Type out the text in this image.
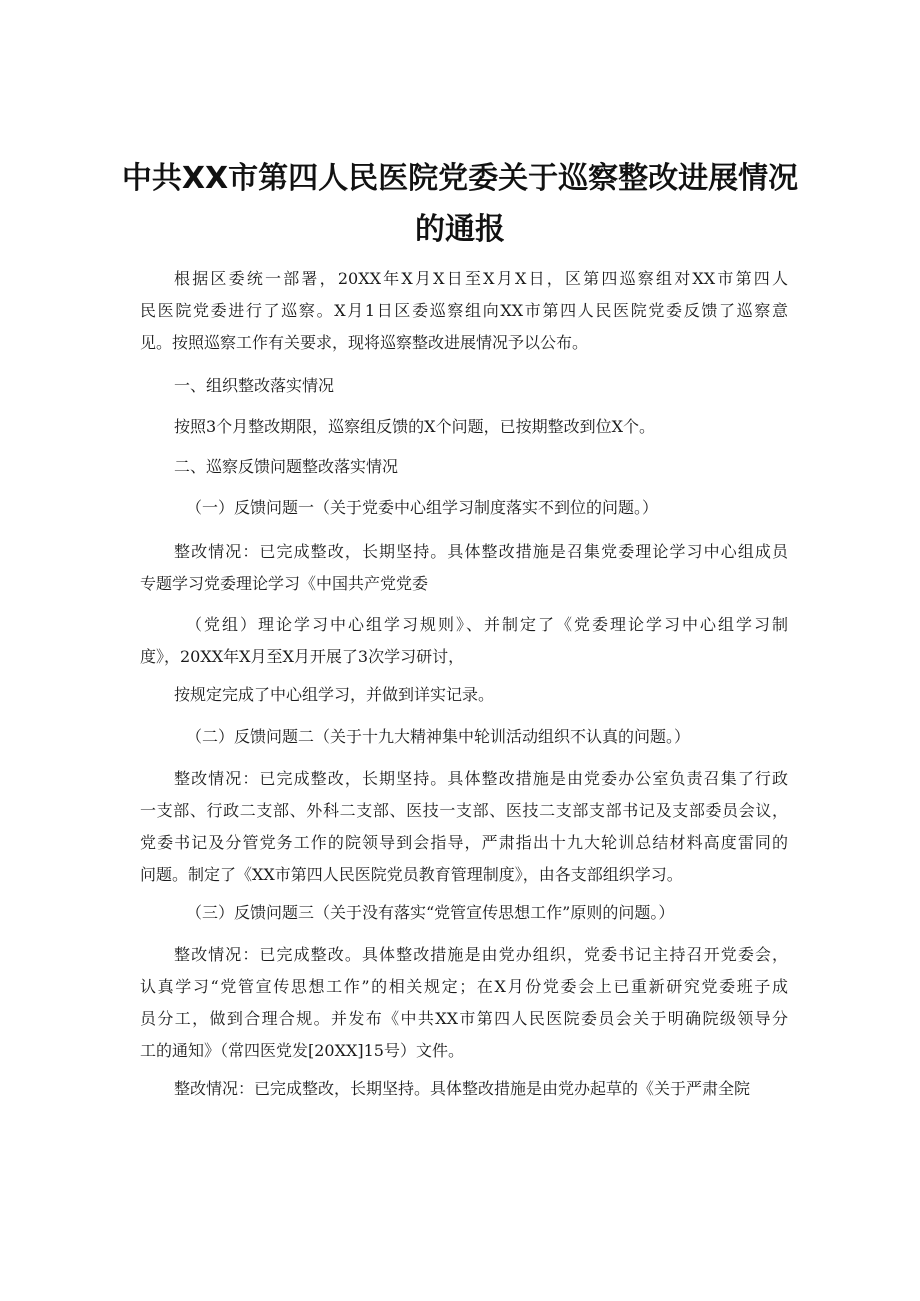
中共XX市第四人民医院党委关于巡察整改进展情况
的通报
根据区委统一部署，20XX年X月X日至X月X日，区第四巡察组对XX市第四人
民医院党委进行了巡察。X月1日区委巡察组向XX市第四人民医院党委反馈了巡察意
见。按照巡察工作有关要求，现将巡察整改进展情况予以公布。
一、组织整改落实情况
按照3个月整改期限，巡察组反馈的X个问题，已按期整改到位X个。
二、巡察反馈问题整改落实情况
（一）反馈问题一（关于党委中心组学习制度落实不到位的问题。）
整改情况：已完成整改，长期坚持。具体整改措施是召集党委理论学习中心组成员
专题学习党委理论学习《中国共产党党委
（党组）理论学习中心组学习规则》、并制定了《党委理论学习中心组学习制
度》，20XX年X月至X月开展了3次学习研讨，
按规定完成了中心组学习，并做到详实记录。
（二）反馈问题二（关于十九大精神集中轮训活动组织不认真的问题。）
整改情况：已完成整改，长期坚持。具体整改措施是由党委办公室负责召集了行政
一支部、行政二支部、外科二支部、医技一支部、医技二支部支部书记及支部委员会议，
党委书记及分管党务工作的院领导到会指导，严肃指出十九大轮训总结材料高度雷同的
问题。制定了《XX市第四人民医院党员教育管理制度》，由各支部组织学习。
（三）反馈问题三（关于没有落实“党管宣传思想工作”原则的问题。）
整改情况：已完成整改。具体整改措施是由党办组织，党委书记主持召开党委会，
认真学习“党管宣传思想工作”的相关规定；在X月份党委会上已重新研究党委班子成
员分工，做到合理合规。并发布《中共XX市第四人民医院委员会关于明确院级领导分
工的通知》（常四医党发[20XX]15号）文件。
整改情况：已完成整改，长期坚持。具体整改措施是由党办起草的《关于严肃全院
